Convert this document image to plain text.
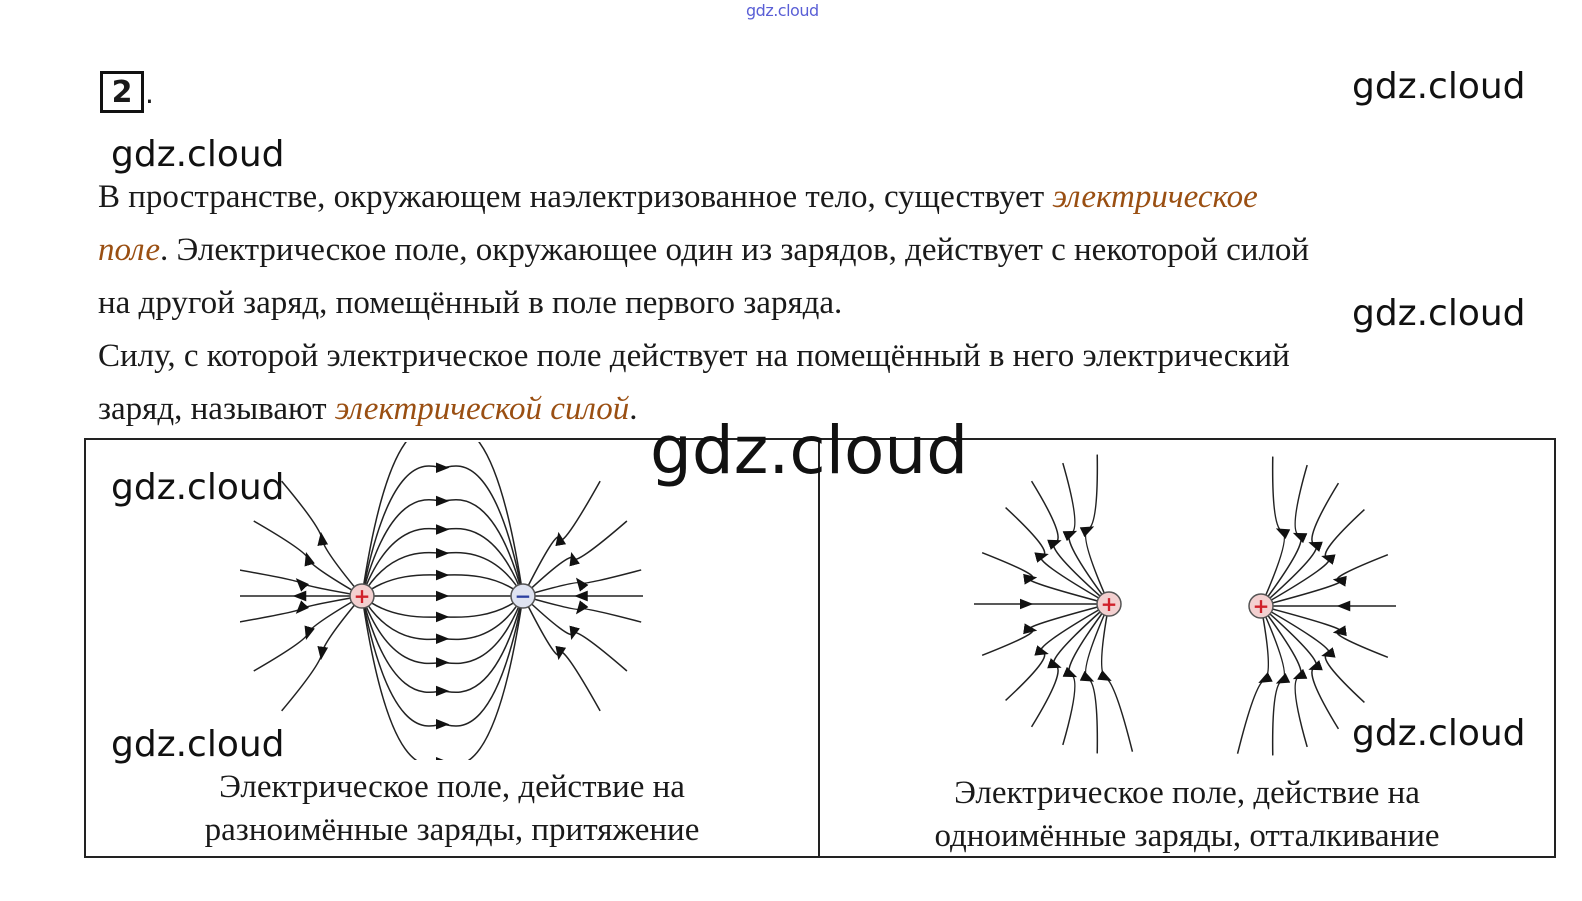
gdz.cloud
2 .	gdz.cloud
gdz.cloud

В пространстве, окружающем наэлектризованное тело, существует электрическое
поле. Электрическое поле, окружающее один из зарядов, действует с некоторой силой
на другой заряд, помещённый в поле первого заряда.	gdz.cloud

Силу, с которой электрическое поле действует на помещённый в него электрический
заряд, называют электрической силой.

+	−	+	+
gdz.cloud	gdz.cloud
gdz.cloud	gdz.cloud
Электрическое поле, действие на
разноимённые заряды, притяжение
Электрическое поле, действие на
одноимённые заряды, отталкивание
